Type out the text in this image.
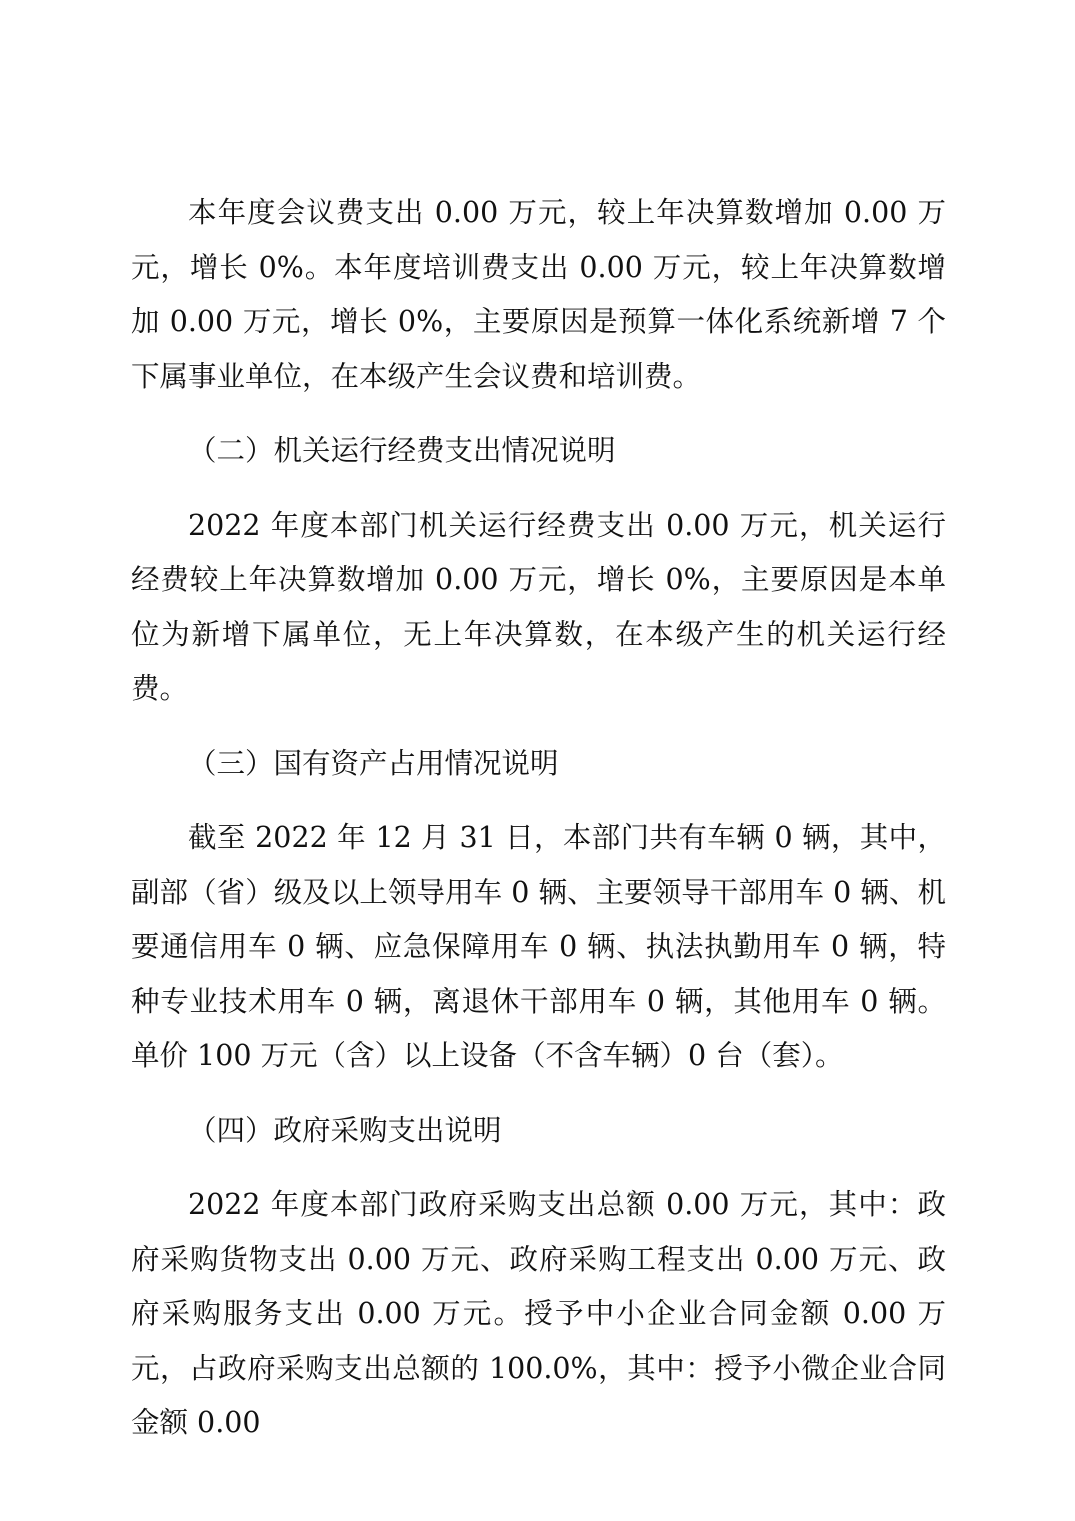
本年度会议费支出 0.00 万元，较上年决算数增加 0.00 万元，增长 0%。本年度培训费支出 0.00 万元，较上年决算数增加 0.00 万元，增长 0%，主要原因是预算一体化系统新增 7 个下属事业单位，在本级产生会议费和培训费。

（二）机关运行经费支出情况说明

2022 年度本部门机关运行经费支出 0.00 万元，机关运行经费较上年决算数增加 0.00 万元，增长 0%，主要原因是本单位为新增下属单位，无上年决算数，在本级产生的机关运行经费。

（三）国有资产占用情况说明

截至 2022 年 12 月 31 日，本部门共有车辆 0 辆，其中，副部（省）级及以上领导用车 0 辆、主要领导干部用车 0 辆、机要通信用车 0 辆、应急保障用车 0 辆、执法执勤用车 0 辆，特种专业技术用车 0 辆，离退休干部用车 0 辆，其他用车 0 辆。单价 100 万元（含）以上设备（不含车辆）0 台（套）。

（四）政府采购支出说明

2022 年度本部门政府采购支出总额 0.00 万元，其中：政府采购货物支出 0.00 万元、政府采购工程支出 0.00 万元、政府采购服务支出 0.00 万元。授予中小企业合同金额 0.00 万元，占政府采购支出总额的 100.0%，其中：授予小微企业合同金额 0.00
